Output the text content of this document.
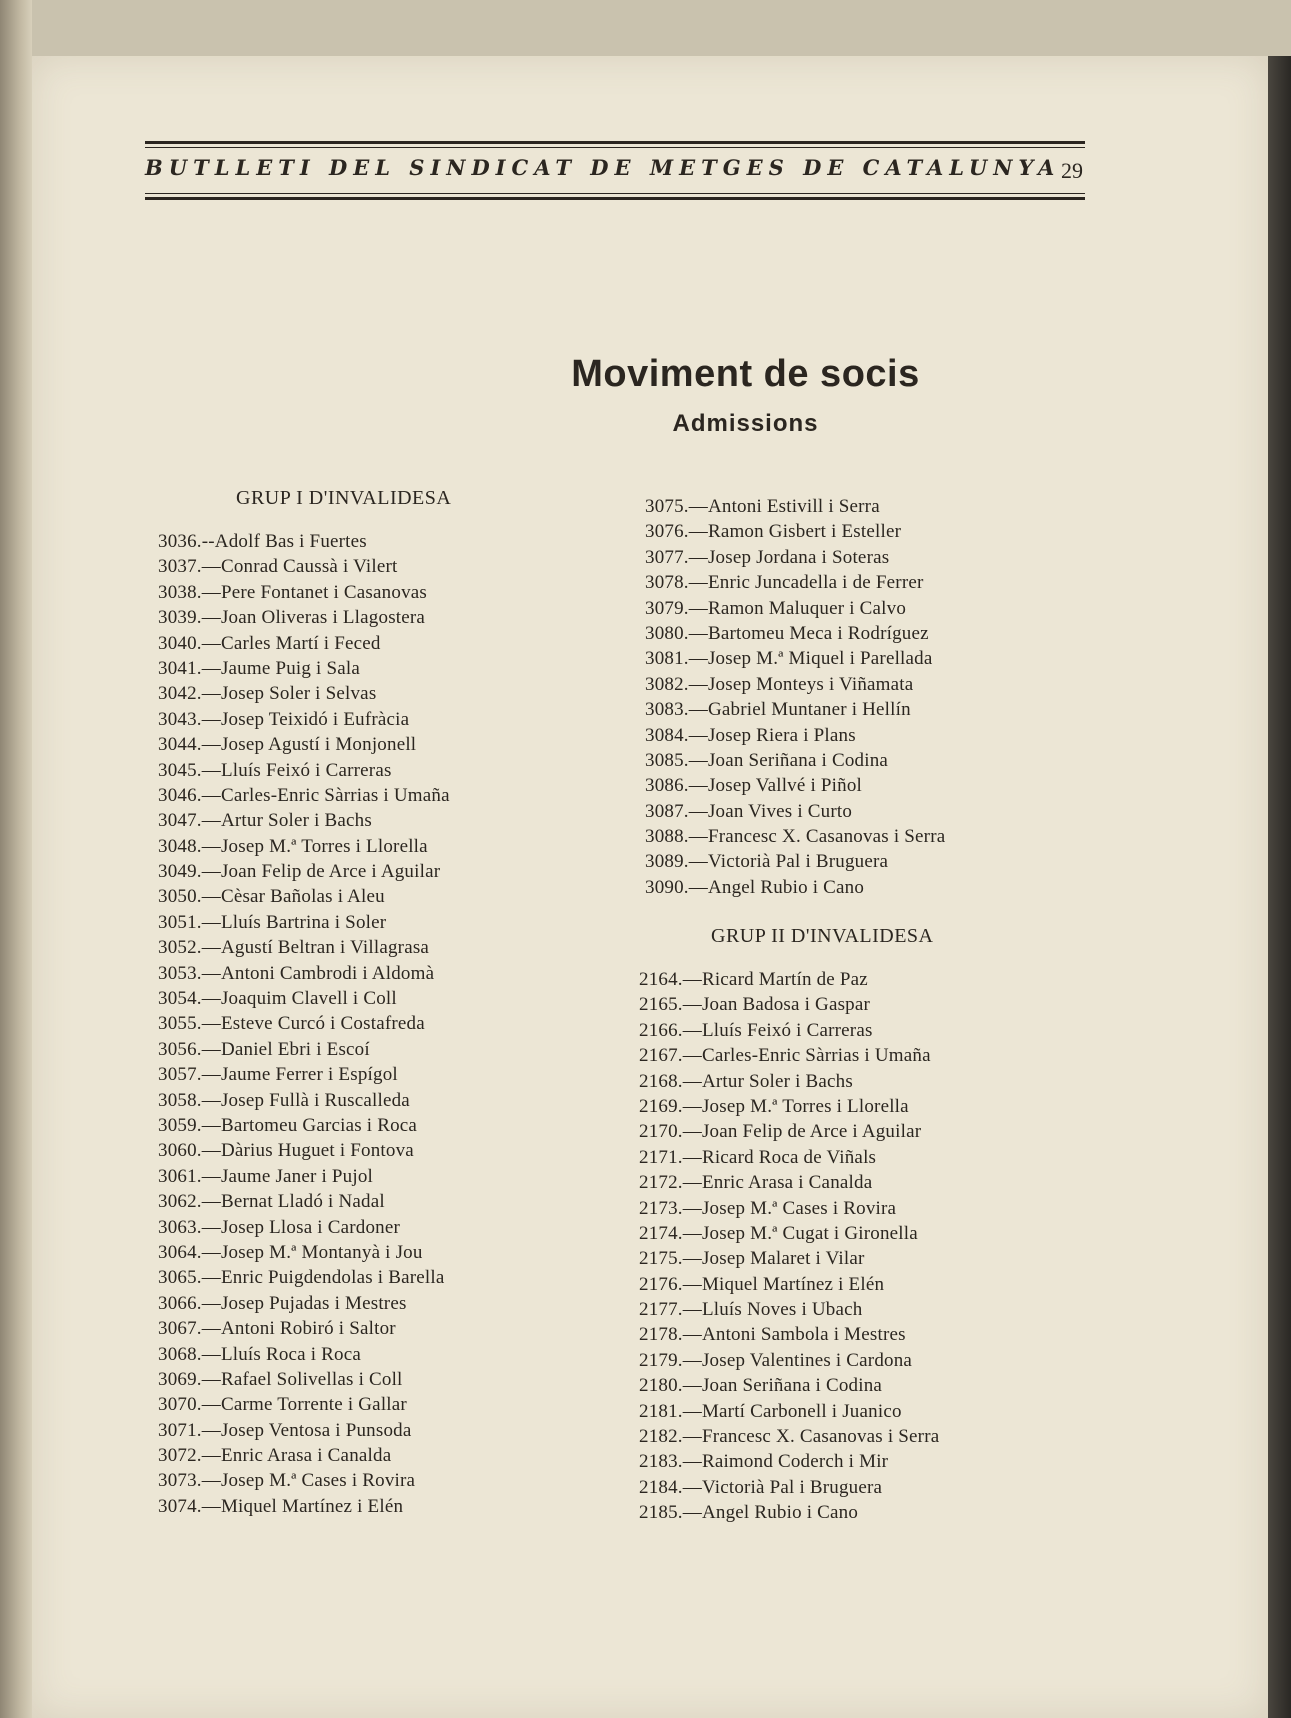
BUTLLETI DEL SINDICAT DE METGES DE CATALUNYA 29
Moviment de socis
Admissions
GRUP I D'INVALIDESA
3036.--Adolf Bas i Fuertes
3037.—Conrad Caussà i Vilert
3038.—Pere Fontanet i Casanovas
3039.—Joan Oliveras i Llagostera
3040.—Carles Martí i Feced
3041.—Jaume Puig i Sala
3042.—Josep Soler i Selvas
3043.—Josep Teixidó i Eufràcia
3044.—Josep Agustí i Monjonell
3045.—Lluís Feixó i Carreras
3046.—Carles-Enric Sàrrias i Umaña
3047.—Artur Soler i Bachs
3048.—Josep M.ª Torres i Llorella
3049.—Joan Felip de Arce i Aguilar
3050.—Cèsar Bañolas i Aleu
3051.—Lluís Bartrina i Soler
3052.—Agustí Beltran i Villagrasa
3053.—Antoni Cambrodi i Aldomà
3054.—Joaquim Clavell i Coll
3055.—Esteve Curcó i Costafreda
3056.—Daniel Ebri i Escoí
3057.—Jaume Ferrer i Espígol
3058.—Josep Fullà i Ruscalleda
3059.—Bartomeu Garcias i Roca
3060.—Dàrius Huguet i Fontova
3061.—Jaume Janer i Pujol
3062.—Bernat Lladó i Nadal
3063.—Josep Llosa i Cardoner
3064.—Josep M.ª Montanyà i Jou
3065.—Enric Puigdendolas i Barella
3066.—Josep Pujadas i Mestres
3067.—Antoni Robiró i Saltor
3068.—Lluís Roca i Roca
3069.—Rafael Solivellas i Coll
3070.—Carme Torrente i Gallar
3071.—Josep Ventosa i Punsoda
3072.—Enric Arasa i Canalda
3073.—Josep M.ª Cases i Rovira
3074.—Miquel Martínez i Elén
3075.—Antoni Estivill i Serra
3076.—Ramon Gisbert i Esteller
3077.—Josep Jordana i Soteras
3078.—Enric Juncadella i de Ferrer
3079.—Ramon Maluquer i Calvo
3080.—Bartomeu Meca i Rodríguez
3081.—Josep M.ª Miquel i Parellada
3082.—Josep Monteys i Viñamata
3083.—Gabriel Muntaner i Hellín
3084.—Josep Riera i Plans
3085.—Joan Seriñana i Codina
3086.—Josep Vallvé i Piñol
3087.—Joan Vives i Curto
3088.—Francesc X. Casanovas i Serra
3089.—Victorià Pal i Bruguera
3090.—Angel Rubio i Cano
GRUP II D'INVALIDESA
2164.—Ricard Martín de Paz
2165.—Joan Badosa i Gaspar
2166.—Lluís Feixó i Carreras
2167.—Carles-Enric Sàrrias i Umaña
2168.—Artur Soler i Bachs
2169.—Josep M.ª Torres i Llorella
2170.—Joan Felip de Arce i Aguilar
2171.—Ricard Roca de Viñals
2172.—Enric Arasa i Canalda
2173.—Josep M.ª Cases i Rovira
2174.—Josep M.ª Cugat i Gironella
2175.—Josep Malaret i Vilar
2176.—Miquel Martínez i Elén
2177.—Lluís Noves i Ubach
2178.—Antoni Sambola i Mestres
2179.—Josep Valentines i Cardona
2180.—Joan Seriñana i Codina
2181.—Martí Carbonell i Juanico
2182.—Francesc X. Casanovas i Serra
2183.—Raimond Coderch i Mir
2184.—Victorià Pal i Bruguera
2185.—Angel Rubio i Cano
